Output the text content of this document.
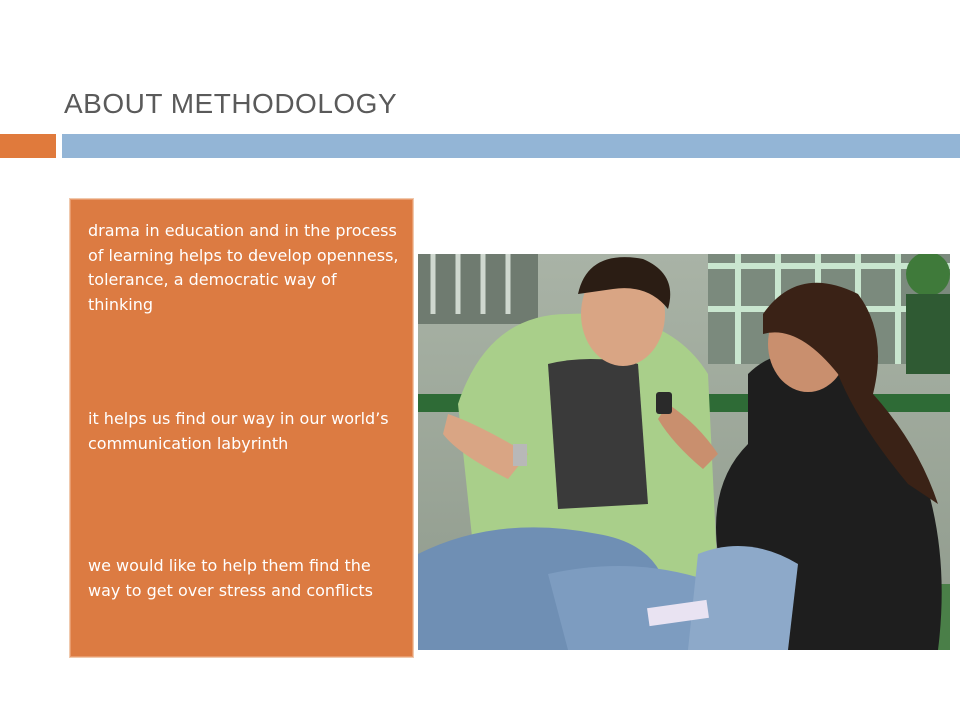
ABOUT METHODOLOGY
drama in education and in the process of learning helps to develop openness, tolerance, a democratic way of thinking
it helps us find our way in our world’s communication labyrinth
we would like to help them find the way to get over stress and conflicts
